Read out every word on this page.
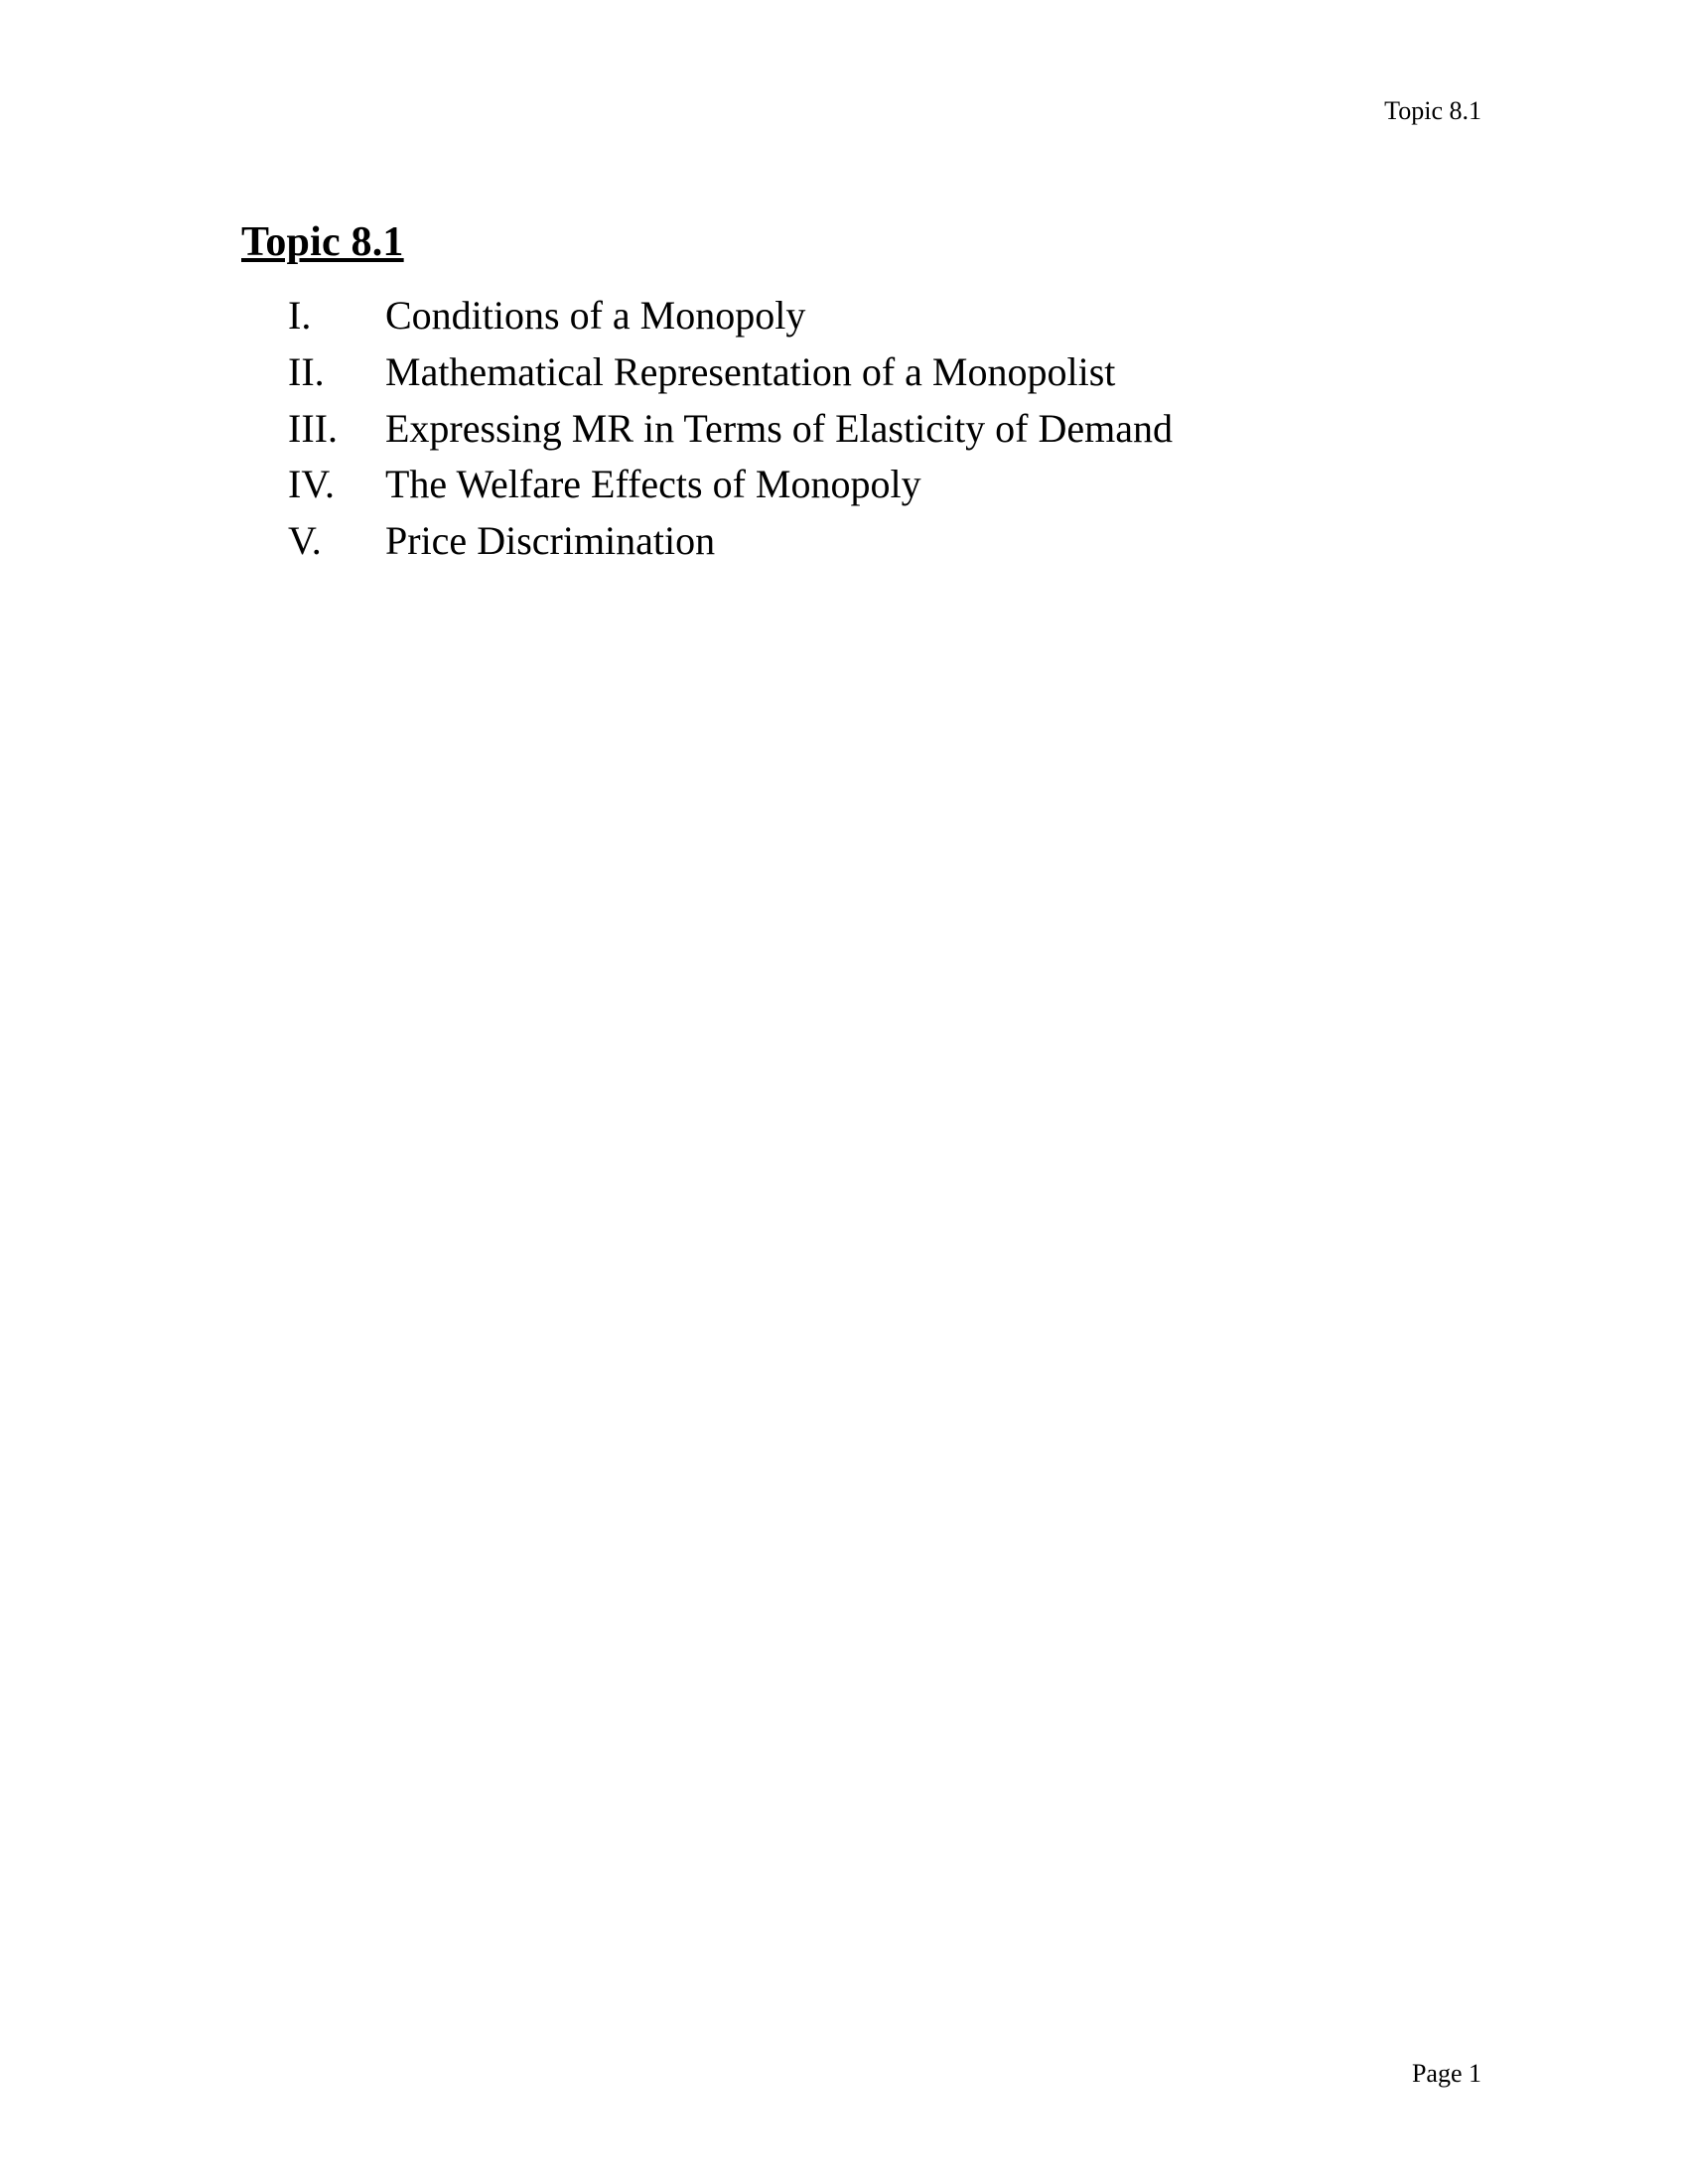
Topic 8.1
Topic 8.1
I.	Conditions of a Monopoly
II.	Mathematical Representation of a Monopolist
III.	Expressing MR in Terms of Elasticity of Demand
IV.	The Welfare Effects of Monopoly
V.	Price Discrimination
Page 1
